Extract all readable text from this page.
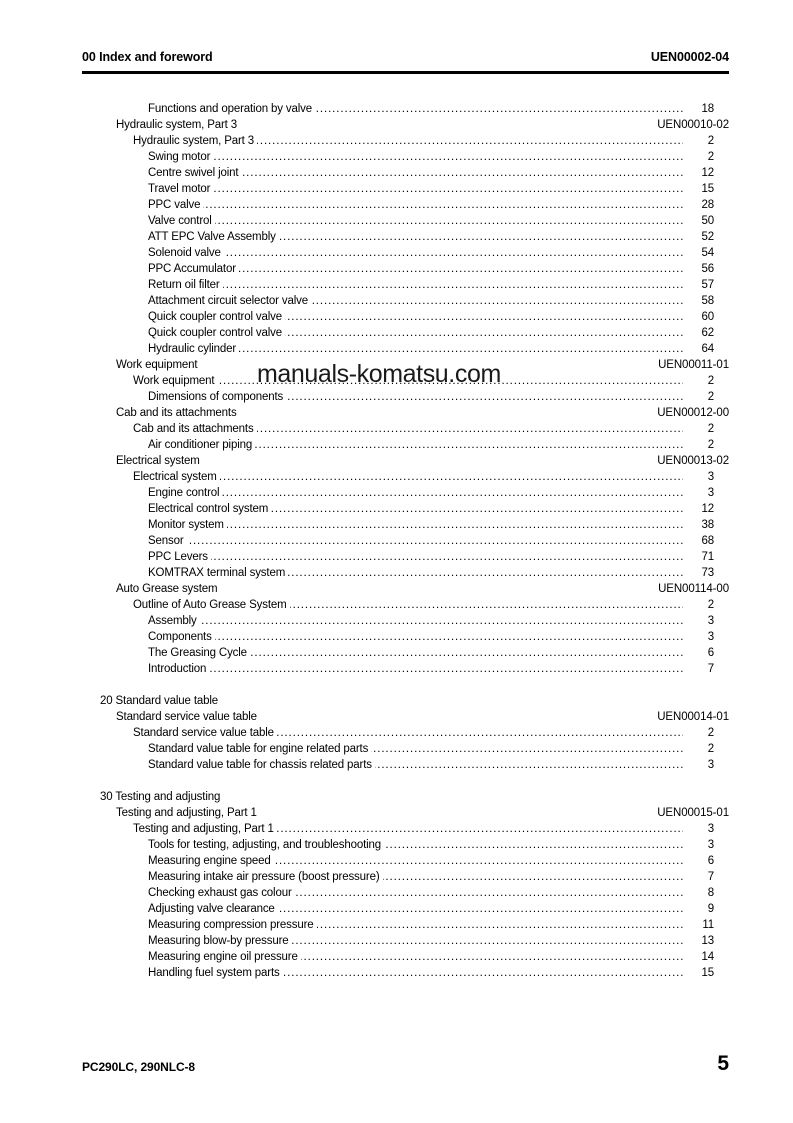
00 Index and foreword	UEN00002-04
.....
Functions and operation by valve	18
Hydraulic system, Part 3	UEN00010-02
.....
Hydraulic system, Part 3	2
.....
Swing motor	2
.....
Centre swivel joint	12
.....
Travel motor	15
.....
PPC valve	28
.....
Valve control	50
.....
ATT EPC Valve Assembly	52
.....
Solenoid valve	54
.....
PPC Accumulator	56
.....
Return oil filter	57
.....
Attachment circuit selector valve	58
.....
Quick coupler control valve	60
.....
Quick coupler control valve	62
.....
Hydraulic cylinder	64
Work equipment	UEN00011-01
.....
Work equipment	2
.....
Dimensions of components	2
Cab and its attachments	UEN00012-00
.....
Cab and its attachments	2
.....
Air conditioner piping	2
Electrical system	UEN00013-02
.....
Electrical system	3
.....
Engine control	3
.....
Electrical control system	12
.....
Monitor system	38
.....
Sensor	68
.....
PPC Levers	71
.....
KOMTRAX terminal system	73
Auto Grease system	UEN00114-00
.....
Outline of Auto Grease System	2
.....
Assembly	3
.....
Components	3
.....
The Greasing Cycle	6
.....
Introduction	7
20 Standard value table
Standard service value table	UEN00014-01
.....
Standard service value table	2
.....
Standard value table for engine related parts	2
.....
Standard value table for chassis related parts	3
30 Testing and adjusting
Testing and adjusting, Part 1	UEN00015-01
.....
Testing and adjusting, Part 1	3
.....
Tools for testing, adjusting, and troubleshooting	3
.....
Measuring engine speed	6
.....
Measuring intake air pressure (boost pressure)	7
.....
Checking exhaust gas colour	8
.....
Adjusting valve clearance	9
.....
Measuring compression pressure	11
.....
Measuring blow-by pressure	13
.....
Measuring engine oil pressure	14
.....
Handling fuel system parts	15
manuals-komatsu.com
PC290LC, 290NLC-8	5
